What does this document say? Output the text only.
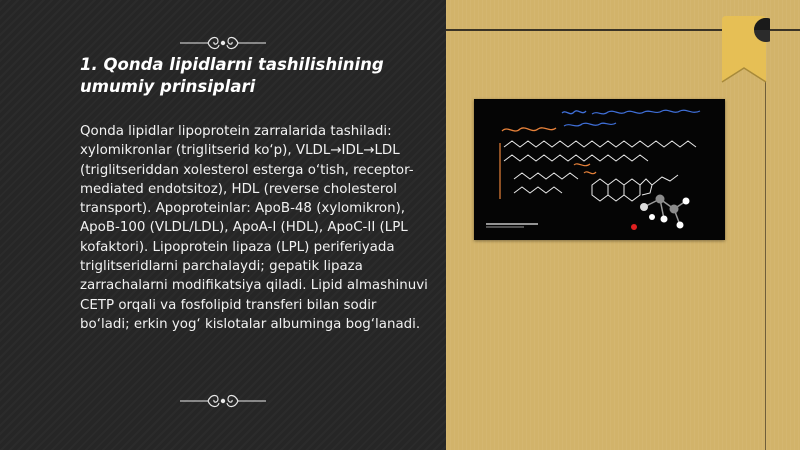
1. Qonda lipidlarni tashilishining umumiy prinsiplari

Qonda lipidlar lipoprotein zarralarida tashiladi: xylomikronlar (triglitserid ko‘p), VLDL→IDL→LDL (triglitseriddan xolesterol esterga o‘tish, receptor-mediated endotsitoz), HDL (reverse cholesterol transport). Apoproteinlar: ApoB-48 (xylomikron), ApoB-100 (VLDL/LDL), ApoA-I (HDL), ApoC-II (LPL kofaktori). Lipoprotein lipaza (LPL) periferiyada triglitseridlarni parchalaydi; gepatik lipaza zarrachalarni modifikatsiya qiladi. Lipid almashinuvi CETP orqali va fosfolipid transferi bilan sodir bo‘ladi; erkin yog‘ kislotalar albuminga bog‘lanadi.
